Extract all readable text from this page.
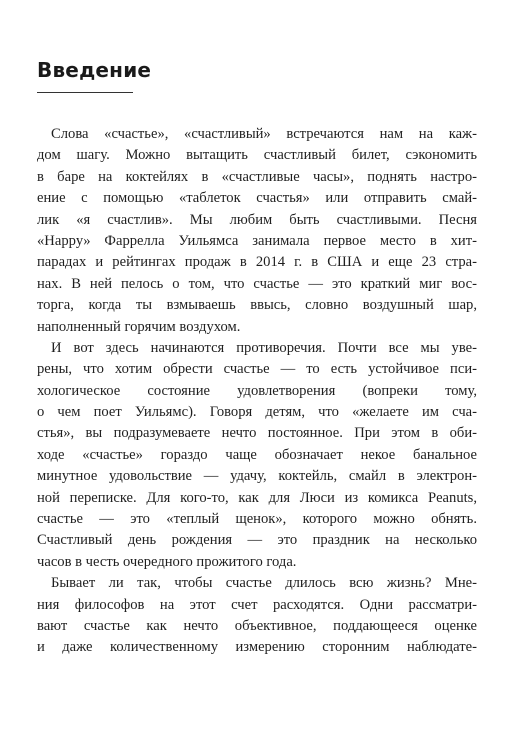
Введение
Слова «счастье», «счастливый» встречаются нам на каж-
дом шагу. Можно вытащить счастливый билет, сэкономить
в баре на коктейлях в «счастливые часы», поднять настро-
ение с помощью «таблеток счастья» или отправить смай-
лик «я счастлив». Мы любим быть счастливыми. Песня
«Happy» Фаррелла Уильямса занимала первое место в хит-
парадах и рейтингах продаж в 2014 г. в США и еще 23 стра-
нах. В ней пелось о том, что счастье — это краткий миг вос-
торга, когда ты взмываешь ввысь, словно воздушный шар,
наполненный горячим воздухом.
И вот здесь начинаются противоречия. Почти все мы уве-
рены, что хотим обрести счастье — то есть устойчивое пси-
хологическое состояние удовлетворения (вопреки тому,
о чем поет Уильямс). Говоря детям, что «желаете им сча-
стья», вы подразумеваете нечто постоянное. При этом в оби-
ходе «счастье» гораздо чаще обозначает некое банальное
минутное удовольствие — удачу, коктейль, смайл в электрон-
ной переписке. Для кого-то, как для Люси из комикса Peanuts,
счастье — это «теплый щенок», которого можно обнять.
Счастливый день рождения — это праздник на несколько
часов в честь очередного прожитого года.
Бывает ли так, чтобы счастье длилось всю жизнь? Мне-
ния философов на этот счет расходятся. Одни рассматри-
вают счастье как нечто объективное, поддающееся оценке
и даже количественному измерению сторонним наблюдате-
